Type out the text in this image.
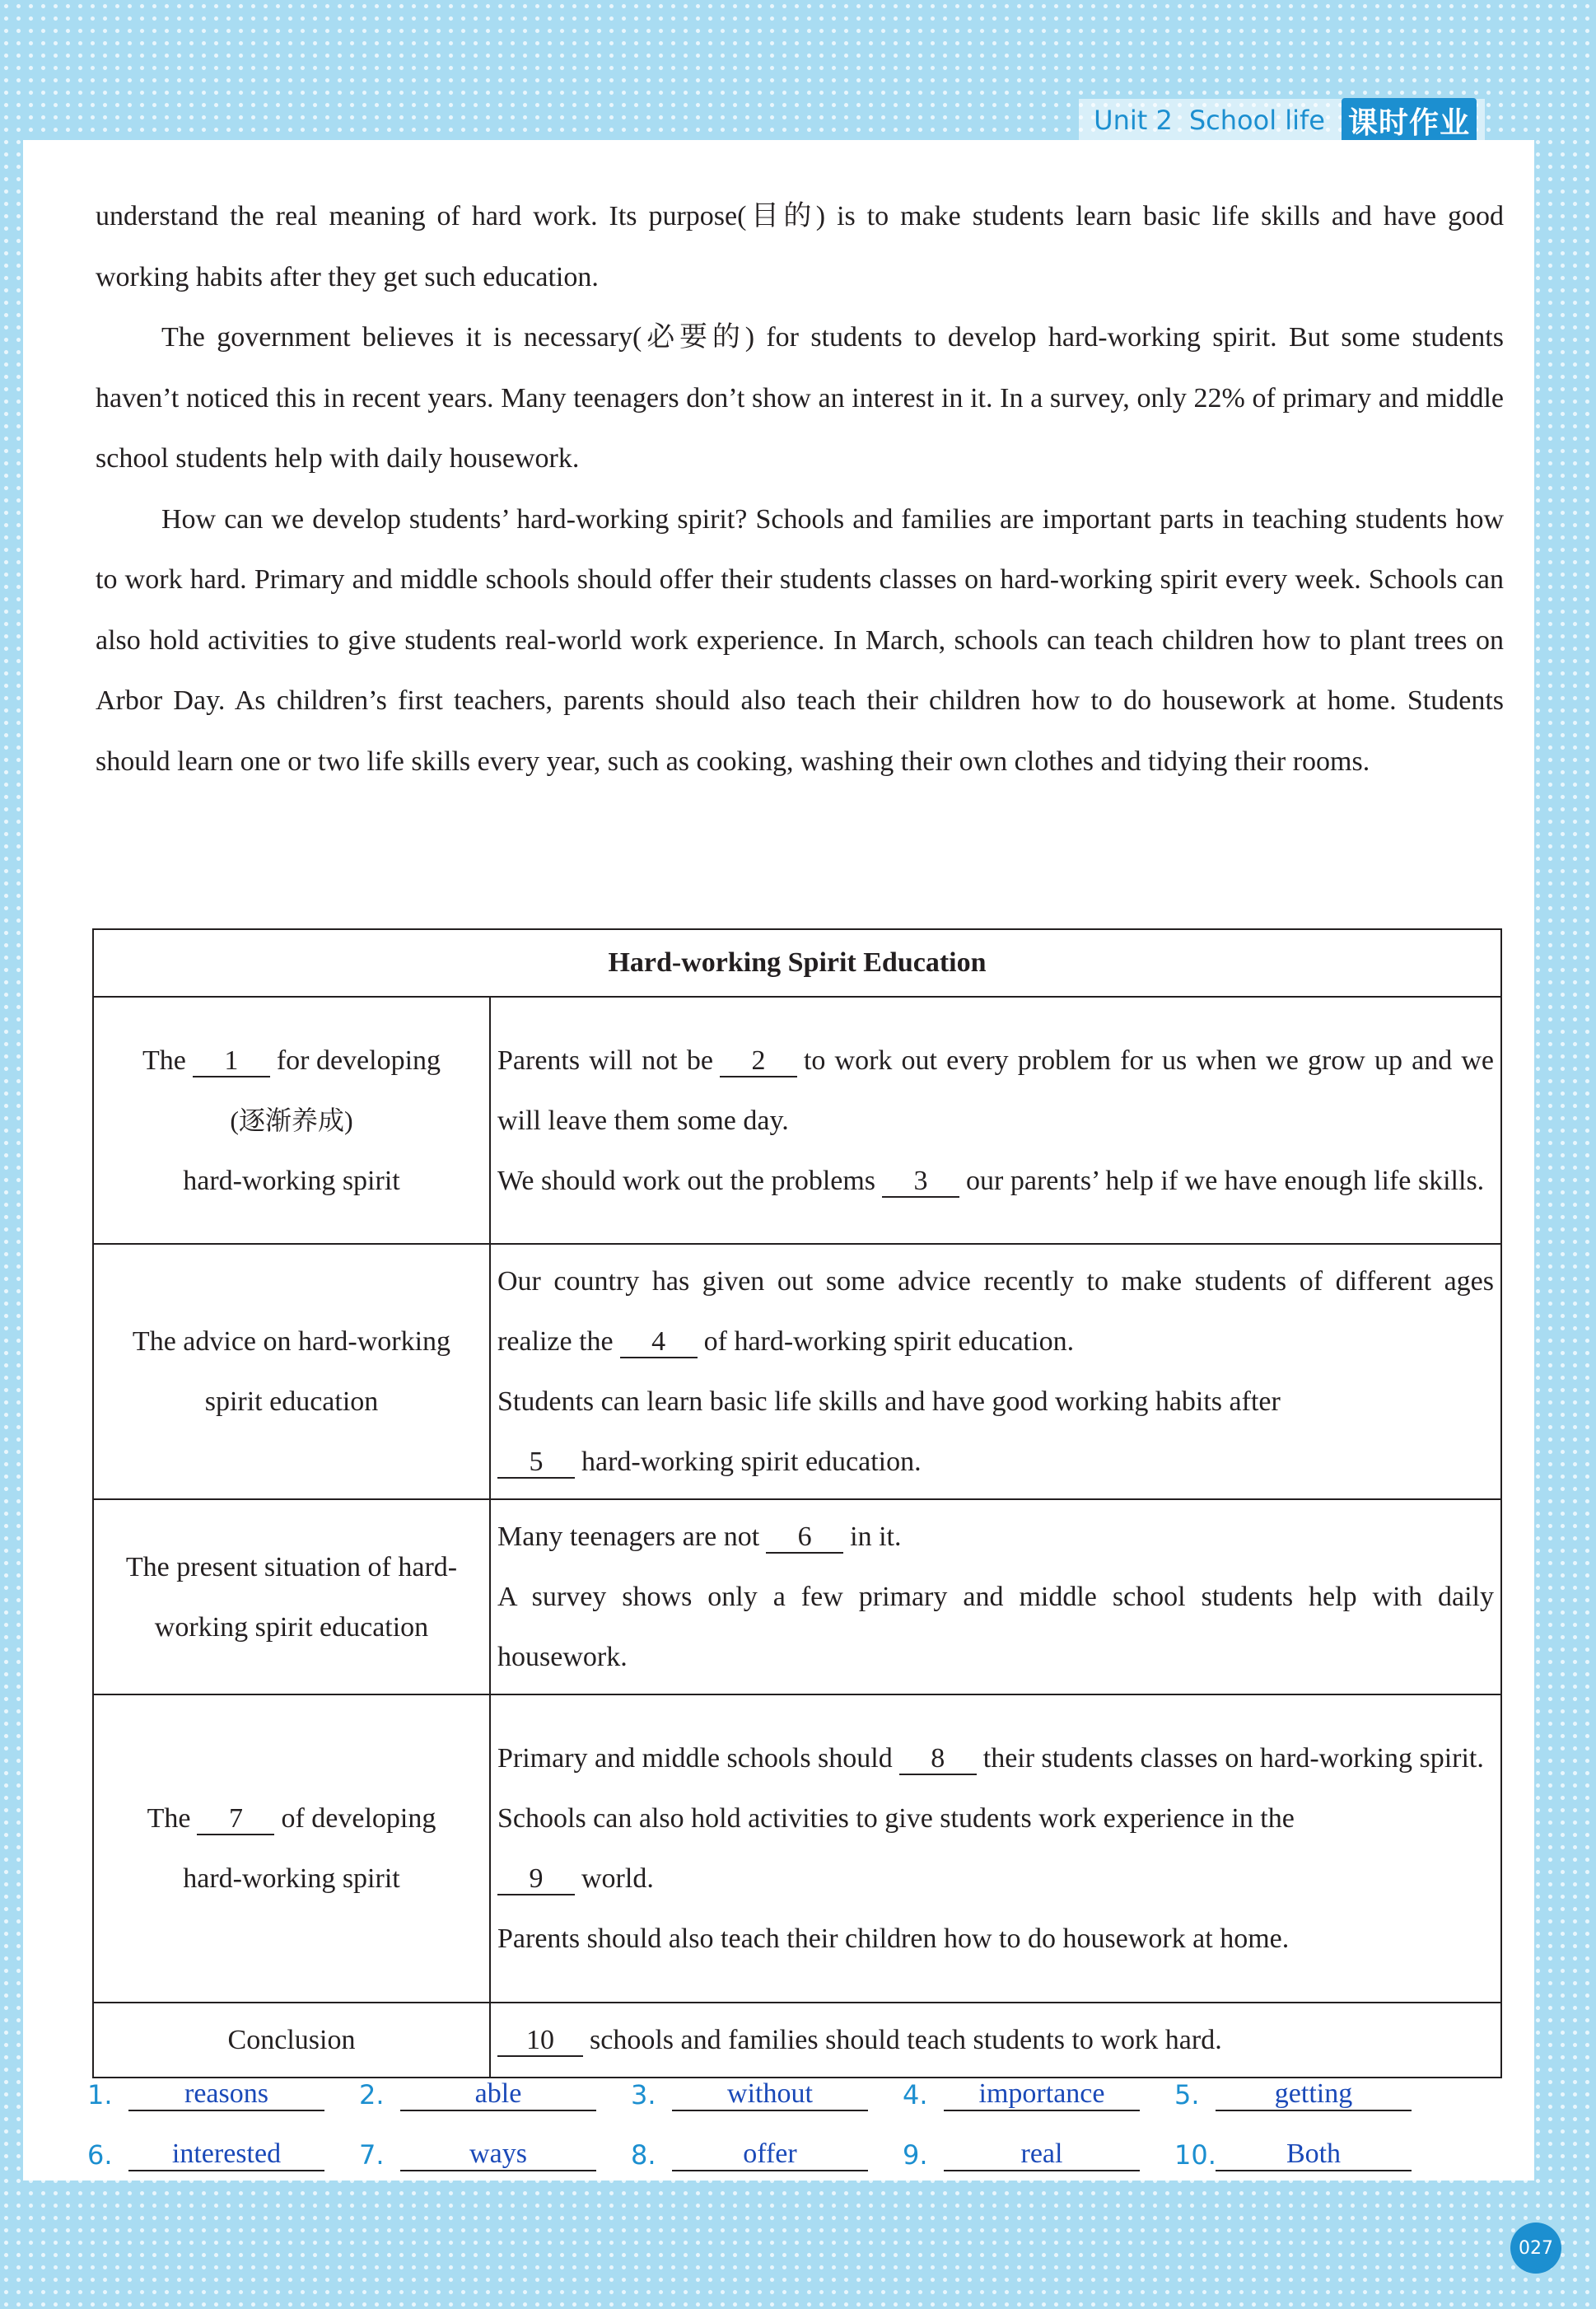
Unit 2 School life 课时作业

understand the real meaning of hard work. Its purpose(目的) is to make students learn basic life skills and have good working habits after they get such education.

The government believes it is necessary(必要的) for students to develop hard-working spirit. But some students haven’t noticed this in recent years. Many teenagers don’t show an interest in it. In a survey, only 22% of primary and middle school students help with daily housework.

How can we develop students’ hard-working spirit? Schools and families are important parts in teaching students how to work hard. Primary and middle schools should offer their students classes on hard-working spirit every week. Schools can also hold activities to give students real-world work experience. In March, schools can teach children how to plant trees on Arbor Day. As children’s first teachers, parents should also teach their children how to do housework at home. Students should learn one or two life skills every year, such as cooking, washing their own clothes and tidying their rooms.

Hard-working Spirit Education	
The 1 for developing
(逐渐养成)
hard-working spirit	Parents will not be 2 to work out every problem for us when we grow up and we will leave them some day.
We should work out the problems 3 our parents’ help if we have enough life skills.
The advice on hard-working spirit education	Our country has given out some advice recently to make students of different ages realize the 4 of hard-working spirit education.
Students can learn basic life skills and have good working habits after
5 hard-working spirit education.
The present situation of hard-working spirit education	Many teenagers are not 6 in it.
A survey shows only a few primary and middle school students help with daily housework.
The 7 of developing
hard-working spirit	Primary and middle schools should 8 their students classes on hard-working spirit.
Schools can also hold activities to give students work experience in the
9 world.
Parents should also teach their children how to do housework at home.
Conclusion	10 schools and families should teach students to work hard.
1.	reasons	2.	able	3.	without	4.	importance	5.	getting
6.	interested	7.	ways	8.	offer	9.	real	10.	Both
027
